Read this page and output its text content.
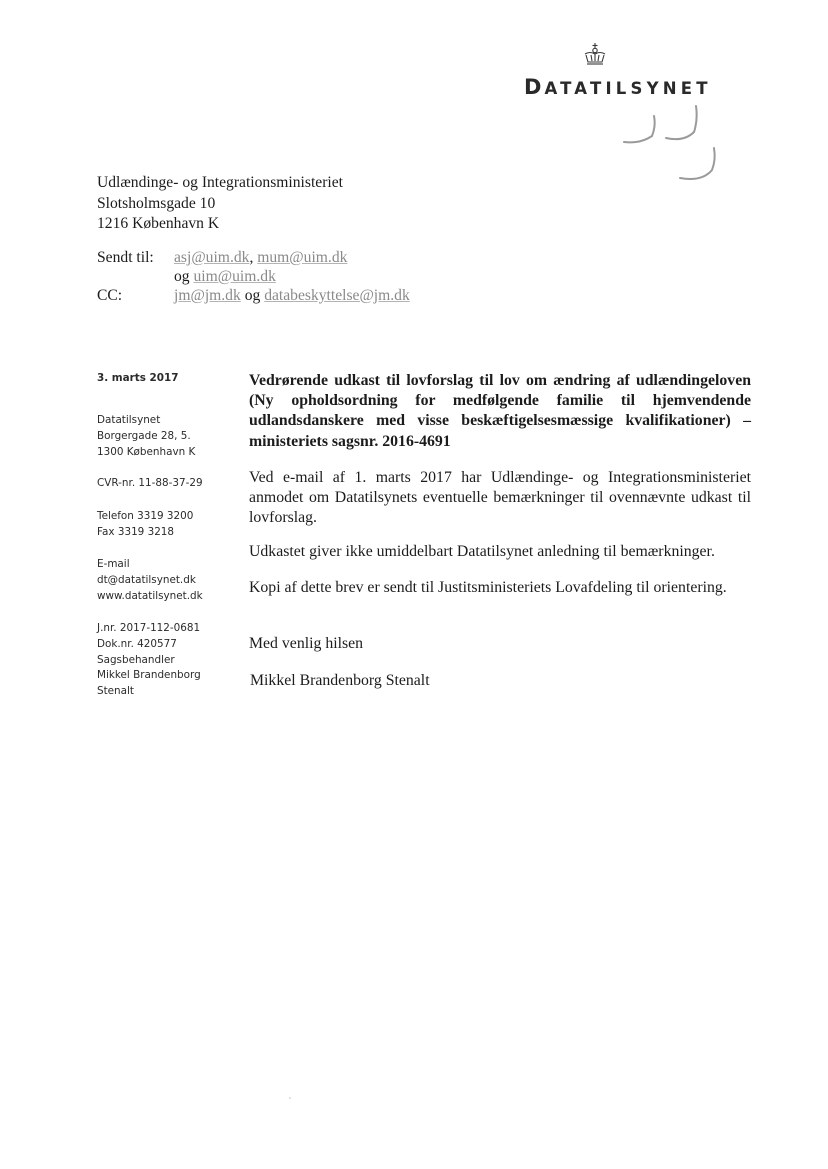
DATATILSYNET
Udlændinge- og Integrationsministeriet
Slotsholmsgade 10
1216 København K
Sendt til: asj@uim.dk, mum@uim.dk
og uim@uim.dk
CC:	jm@jm.dk og databeskyttelse@jm.dk
3. marts 2017
Datatilsynet
Borgergade 28, 5.
1300 København K
CVR-nr. 11-88-37-29
Telefon 3319 3200
Fax 3319 3218
E-mail
dt@datatilsynet.dk
www.datatilsynet.dk
J.nr. 2017-112-0681
Dok.nr. 420577
Sagsbehandler
Mikkel Brandenborg
Stenalt

Vedrørende udkast til lovforslag til lov om ændring af udlændingeloven (Ny opholdsordning for medfølgende familie til hjemvendende udlandsdanskere med visse beskæftigelsesmæssige kvalifikationer) – ministeriets sagsnr. 2016-4691

Ved e-mail af 1. marts 2017 har Udlændinge- og Integrationsministeriet anmodet om Datatilsynets eventuelle bemærkninger til ovennævnte udkast til lovforslag.

Udkastet giver ikke umiddelbart Datatilsynet anledning til bemærkninger.
Kopi af dette brev er sendt til Justitsministeriets Lovafdeling til orientering.
Med venlig hilsen
Mikkel Brandenborg Stenalt
